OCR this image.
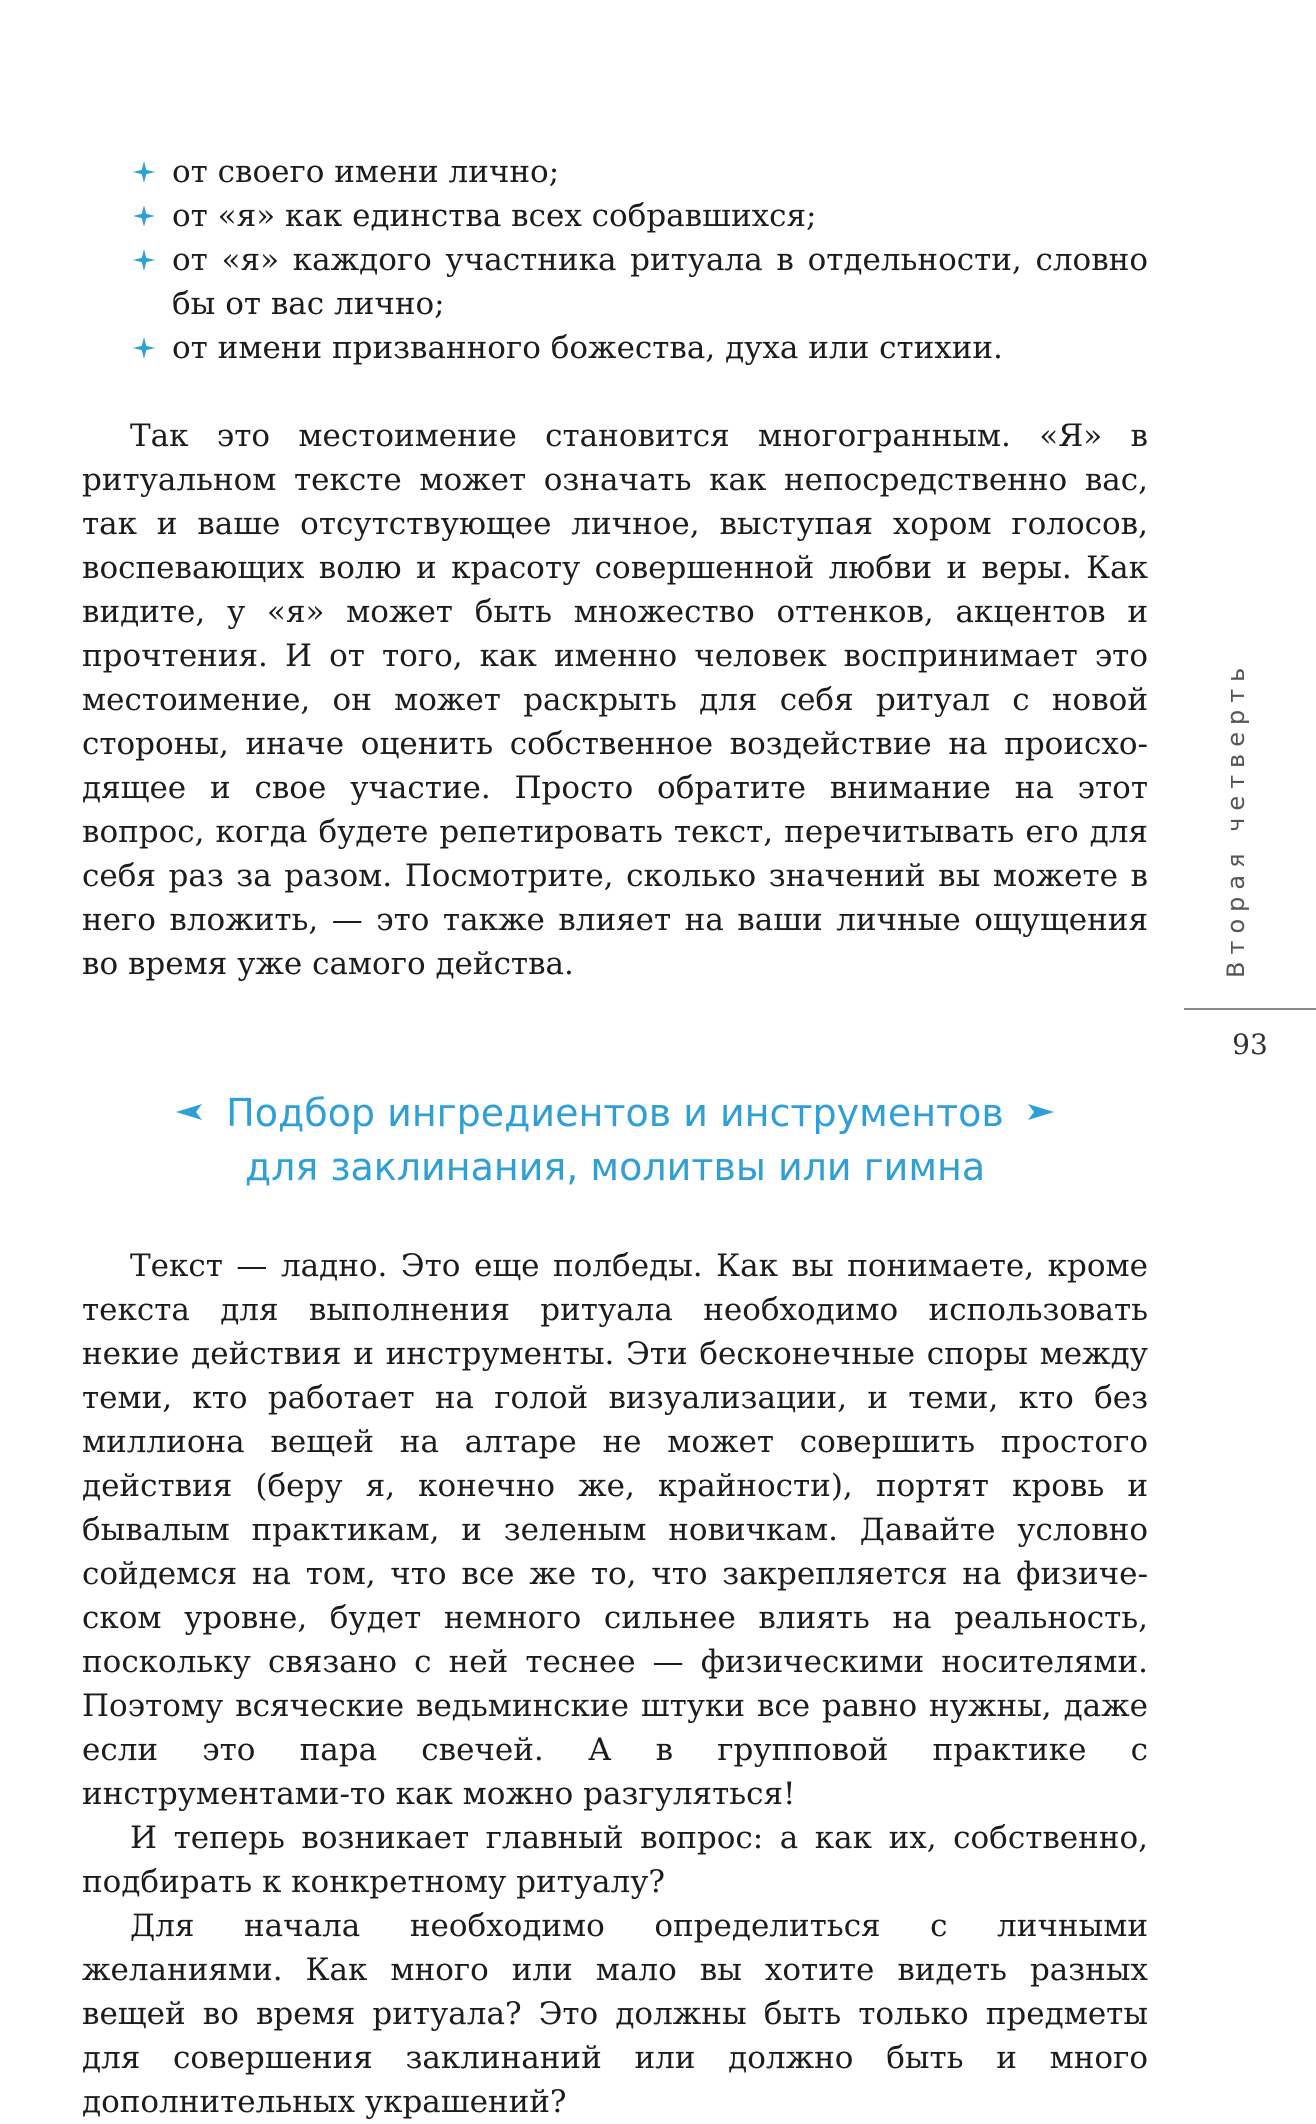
от своего имени лично;
от «я» как единства всех собравшихся;
от «я» каждого участника ритуала в отдельности, словно бы от вас лично;
от имени призванного божества, духа или стихии.

Так это местоимение становится многогранным. «Я» в ритуальном тексте может означать как непосредственно вас, так и ваше отсутствующее личное, выступая хором голосов, воспевающих волю и красоту совершенной любви и веры. Как видите, у «я» может быть множество оттенков, акцентов и прочтения. И от того, как именно человек воспринимает это местоимение, он может раскрыть для себя ритуал с новой стороны, иначе оценить собственное воздействие на происходящее и свое участие. Просто обратите внимание на этот вопрос, когда будете репетировать текст, перечитывать его для себя раз за разом. Посмотрите, сколько значений вы можете в него вложить, — это также влияет на ваши личные ощущения во время уже самого действа.

Подбор ингредиентов и инструментов
для заклинания, молитвы или гимна

Текст — ладно. Это еще полбеды. Как вы понимаете, кроме текста для выполнения ритуала необходимо использовать некие действия и инструменты. Эти бесконечные споры между теми, кто работает на голой визуализации, и теми, кто без миллиона вещей на алтаре не может совершить простого действия (беру я, конечно же, крайности), портят кровь и бывалым практикам, и зеленым новичкам. Давайте условно сойдемся на том, что все же то, что закрепляется на физическом уровне, будет немного сильнее влиять на реальность, поскольку связано с ней теснее — физическими носителями. Поэтому всяческие ведьминские штуки все равно нужны, даже если это пара свечей. А в групповой практике с инструментами-то как можно разгуляться!

И теперь возникает главный вопрос: а как их, собственно, подбирать к конкретному ритуалу?

Для начала необходимо определиться с личными желаниями. Как много или мало вы хотите видеть разных вещей во время ритуала? Это должны быть только предметы для совершения заклинаний или должно быть и много дополнительных украшений?

Вторая четверть
93
